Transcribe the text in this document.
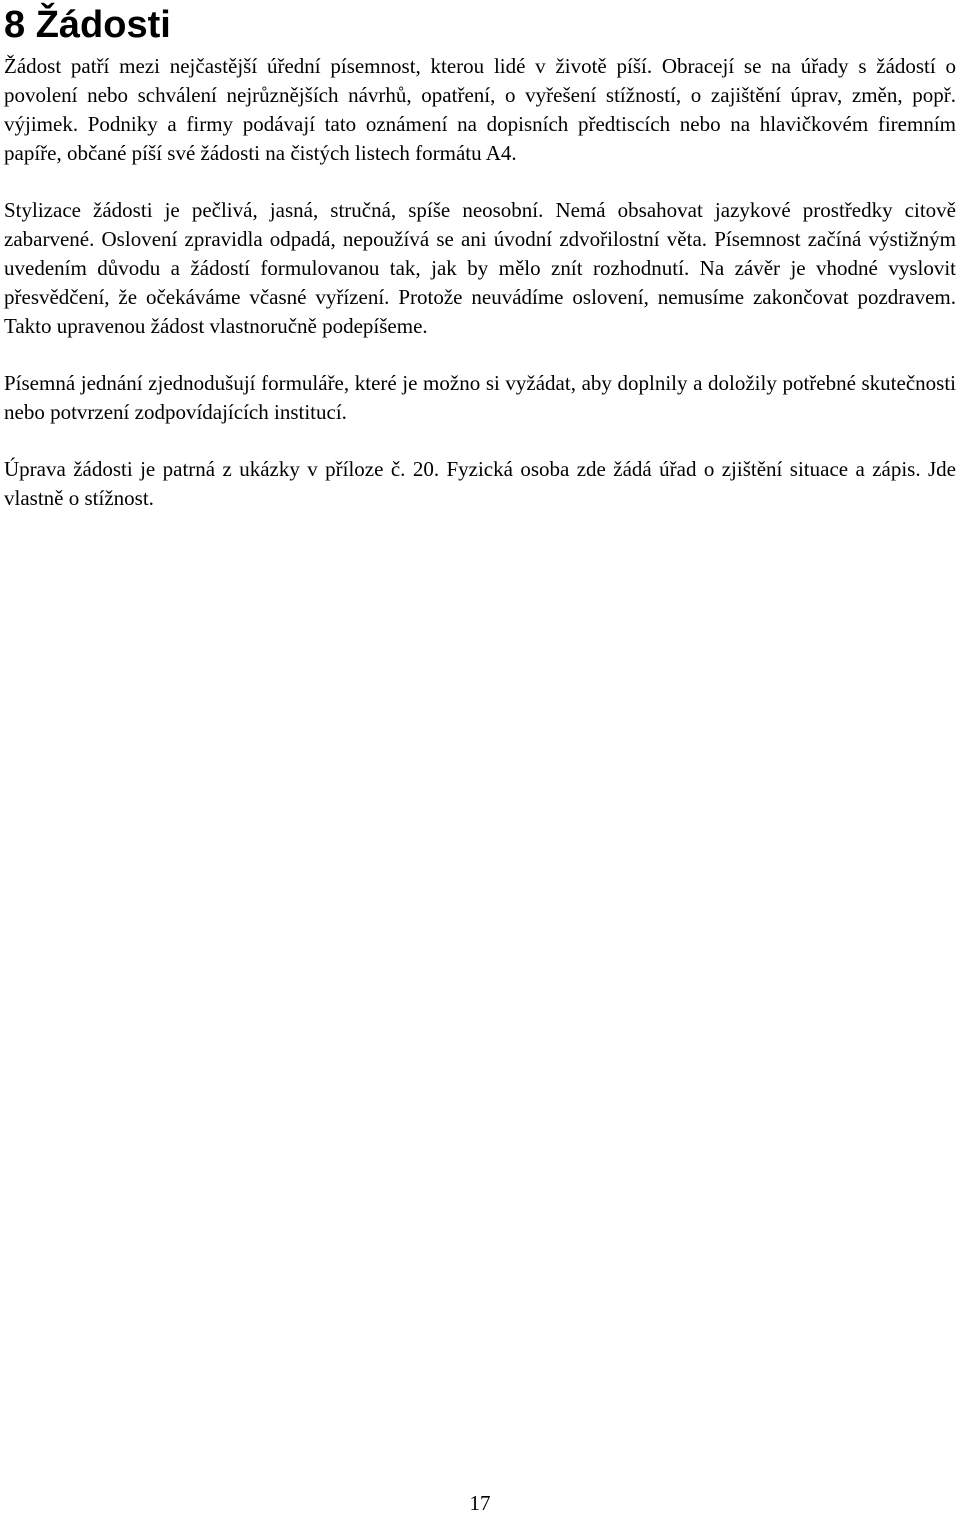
8 Žádosti

Žádost patří mezi nejčastější úřední písemnost, kterou lidé v životě píší. Obracejí se na úřady s žádostí o povolení nebo schválení nejrůznějších návrhů, opatření, o vyřešení stížností, o zajištění úprav, změn, popř. výjimek. Podniky a firmy podávají tato oznámení na dopisních předtiscích nebo na hlavičkovém firemním papíře, občané píší své žádosti na čistých listech formátu A4.

Stylizace žádosti je pečlivá, jasná, stručná, spíše neosobní. Nemá obsahovat jazykové prostředky citově zabarvené. Oslovení zpravidla odpadá, nepoužívá se ani úvodní zdvořilostní věta. Písemnost začíná výstižným uvedením důvodu a žádostí formulovanou tak, jak by mělo znít rozhodnutí. Na závěr je vhodné vyslovit přesvědčení, že očekáváme včasné vyřízení. Protože neuvádíme oslovení, nemusíme zakončovat pozdravem. Takto upravenou žádost vlastnoručně podepíšeme.

Písemná jednání zjednodušují formuláře, které je možno si vyžádat, aby doplnily a doložily potřebné skutečnosti nebo potvrzení zodpovídajících institucí.

Úprava žádosti je patrná z ukázky v příloze č. 20. Fyzická osoba zde žádá úřad o zjištění situace a zápis. Jde vlastně o stížnost.

17
